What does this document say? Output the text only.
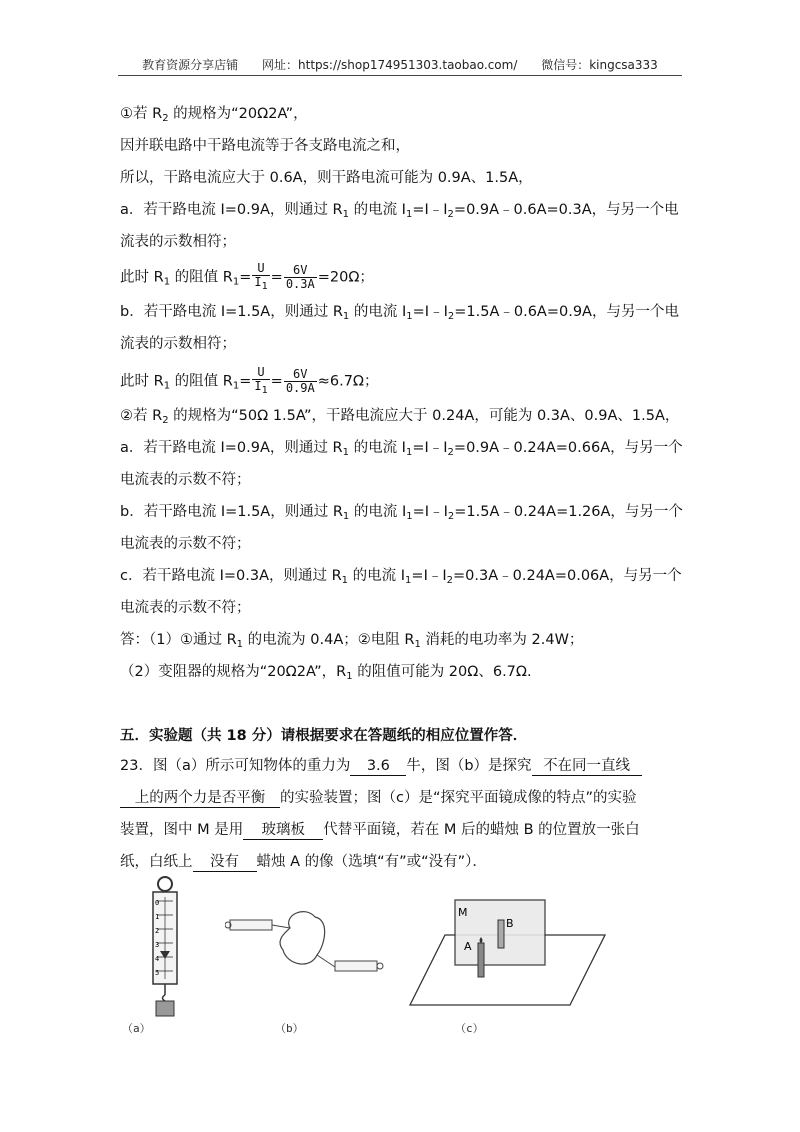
教育资源分享店铺 网址：https://shop174951303.taobao.com/ 微信号：kingcsa333
①若 $R_2$ 的规格为“20Ω2A”，
因并联电路中干路电流等于各支路电流之和，
所以，干路电流应大于 0.6A，则干路电流可能为 0.9A、1.5A，
a．若干路电流 I=0.9A，则通过 $R_1$ 的电流 $I_1=I﹣I_2=0.9A﹣0.6A=0.3A$，与另一个电
流表的示数相符；
此时 $R_1$ 的阻值 $R_1= \frac{U}{I_1} = \frac{6V}{0.3A} =20\Omega$；
b．若干路电流 I=1.5A，则通过 $R_1$ 的电流 $I_1=I﹣I_2=1.5A﹣0.6A=0.9A$，与另一个电
流表的示数相符；
此时 $R_1$ 的阻值 $R_1= \frac{U}{I_1} = \frac{6V}{0.9A} \approx 6.7\Omega$；
②若 $R_2$ 的规格为“50Ω 1.5A”，干路电流应大于 0.24A，可能为 0.3A、0.9A、1.5A，
a．若干路电流 I=0.9A，则通过 $R_1$ 的电流 $I_1=I﹣I_2=0.9A﹣0.24A=0.66A$，与另一个
电流表的示数不符；
b．若干路电流 I=1.5A，则通过 $R_1$ 的电流 $I_1=I﹣I_2=1.5A﹣0.24A=1.26A$，与另一个
电流表的示数不符；
c．若干路电流 I=0.3A，则通过 $R_1$ 的电流 $I_1=I﹣I_2=0.3A﹣0.24A=0.06A$，与另一个
电流表的示数不符；
答：（1）①通过 $R_1$ 的电流为 0.4A；②电阻 $R_1$ 消耗的电功率为 2.4W；
（2）变阻器的规格为“20Ω2A”，$R_1$ 的阻值可能为 20Ω、6.7Ω.
五．实验题（共 18 分）请根据要求在答题纸的相应位置作答．
23．图（a）所示可知物体的重力为 3.6 牛，图（b）是探究 不在同一直线
上的两个力是否平衡 的实验装置；图（c）是“探究平面镜成像的特点”的实验
装置，图中 M 是用 玻璃板 代替平面镜，若在 M 后的蜡烛 B 的位置放一张白
纸，白纸上 没有 蜡烛 A 的像（选填“有”或“没有”）．
0
1
2
3
4
5
（a）	（b）
M
B
A
（c）
